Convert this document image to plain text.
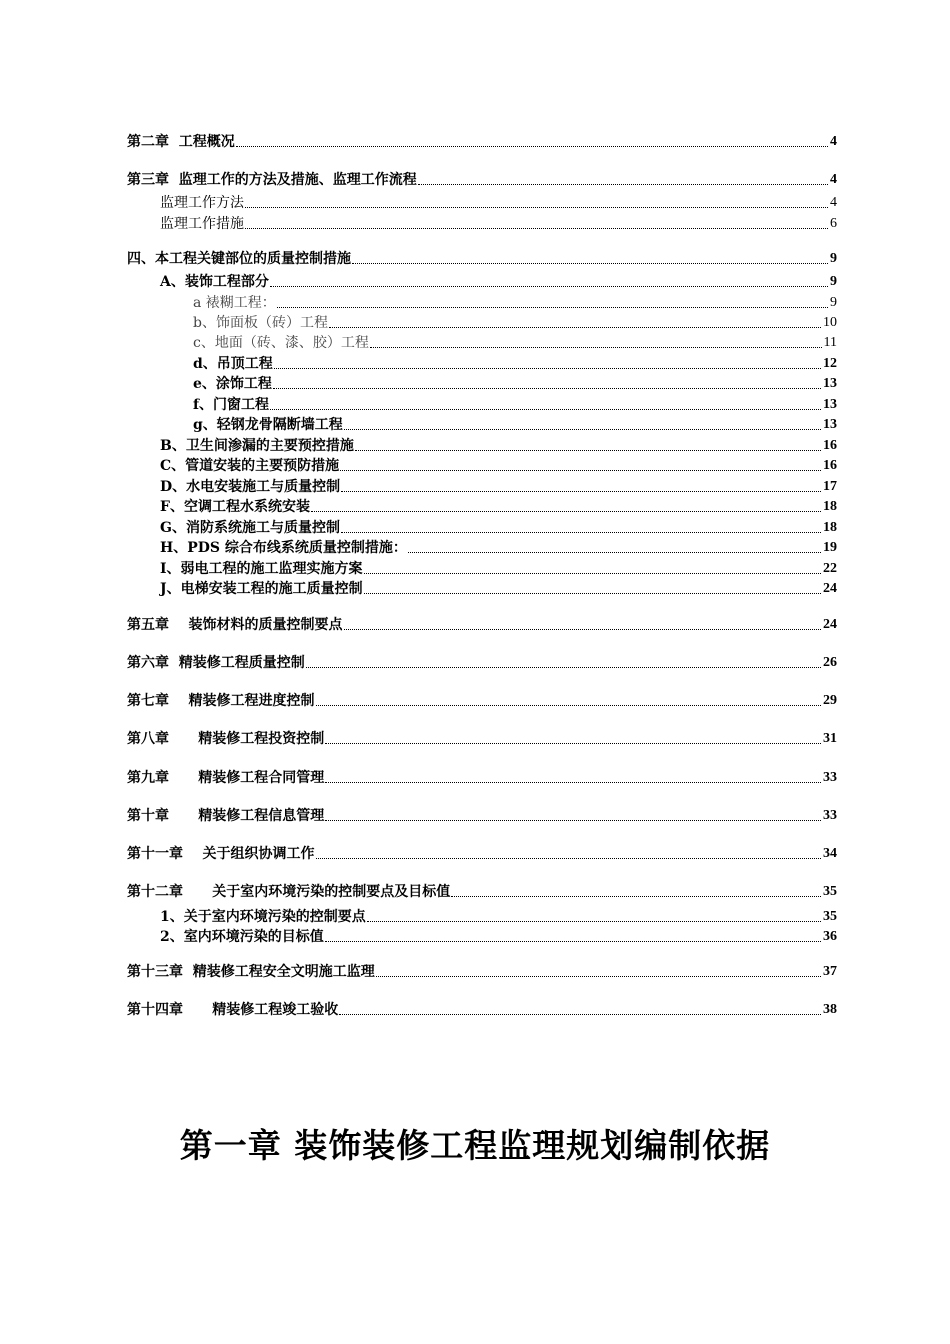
第二章  工程概况	4
第三章  监理工作的方法及措施、监理工作流程	4
监理工作方法	4
监理工作措施	6
四、本工程关键部位的质量控制措施	9
A、装饰工程部分	9
a 裱糊工程：	9
b、饰面板（砖）工程	10
c、地面（砖、漆、胶）工程	11
d、吊顶工程	12
e、涂饰工程	13
f、门窗工程	13
g、轻钢龙骨隔断墙工程	13
B、卫生间渗漏的主要预控措施	16
C、管道安装的主要预防措施	16
D、水电安装施工与质量控制	17
F、空调工程水系统安装	18
G、消防系统施工与质量控制	18
H、PDS 综合布线系统质量控制措施：	19
I、弱电工程的施工监理实施方案	22
J、电梯安装工程的施工质量控制	24
第五章    装饰材料的质量控制要点	24
第六章  精装修工程质量控制	26
第七章    精装修工程进度控制	29
第八章      精装修工程投资控制	31
第九章      精装修工程合同管理	33
第十章      精装修工程信息管理	33
第十一章    关于组织协调工作	34
第十二章      关于室内环境污染的控制要点及目标值	35
1、关于室内环境污染的控制要点	35
2、室内环境污染的目标值	36
第十三章  精装修工程安全文明施工监理	37
第十四章      精装修工程竣工验收	38
第一章 装饰装修工程监理规划编制依据
